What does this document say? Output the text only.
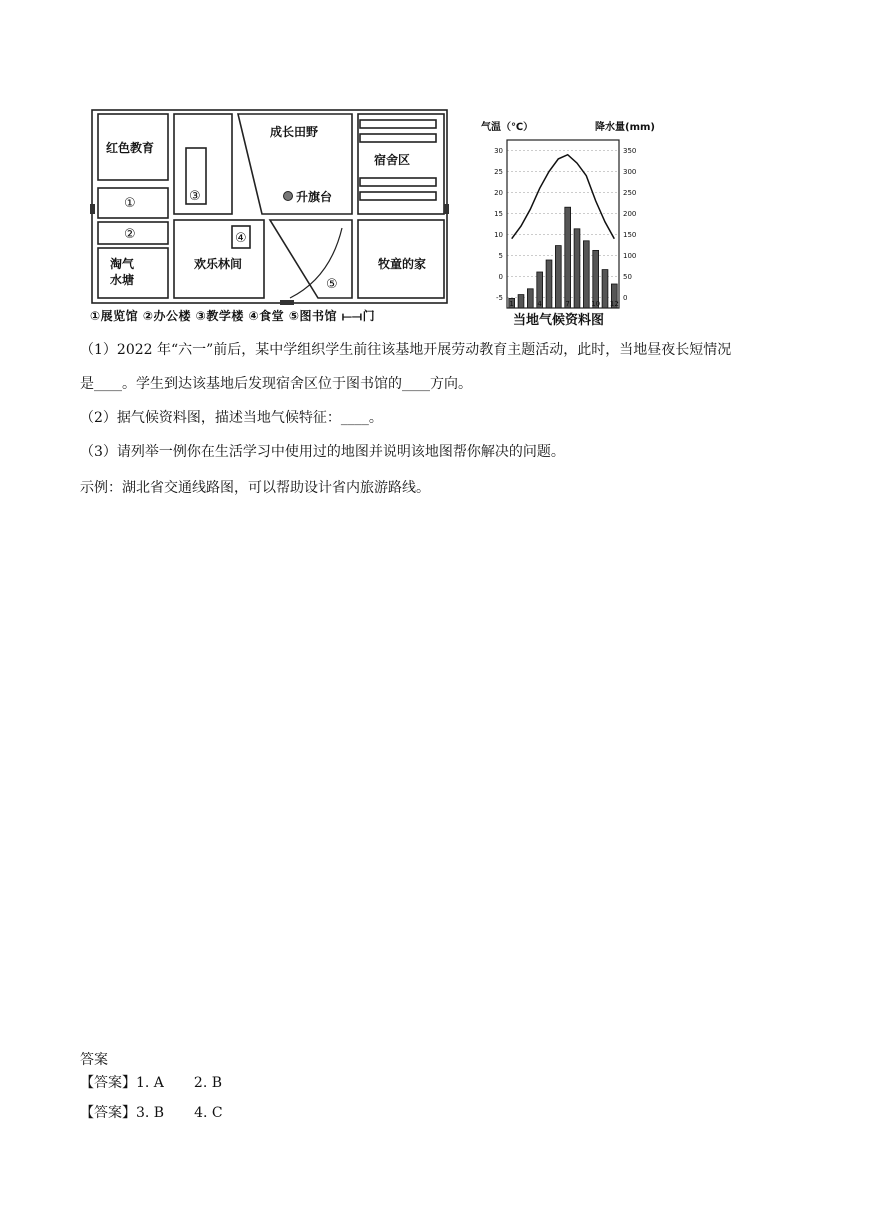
红色教育
成长田野
宿舍区
升旗台
淘气
水塘
欢乐林间	牧童的家
①
②
③
④
⑤
①展览馆 ②办公楼 ③教学楼 ④食堂 ⑤图书馆 ⟝⟞门
气温（℃）	降水量(mm)
30
25
20
15
10
5
0
-5
350
300
250
200
150
100
50
0
1	4	7	10 12
当地气候资料图
（1）2022 年“六一”前后，某中学组织学生前往该基地开展劳动教育主题活动，此时，当地昼夜长短情况
是____。学生到达该基地后发现宿舍区位于图书馆的____方向。
（2）据气候资料图，描述当地气候特征：____。
（3）请列举一例你在生活学习中使用过的地图并说明该地图帮你解决的问题。
示例：湖北省交通线路图，可以帮助设计省内旅游路线。
答案
【答案】1. A 2. B
【答案】3. B 4. C
